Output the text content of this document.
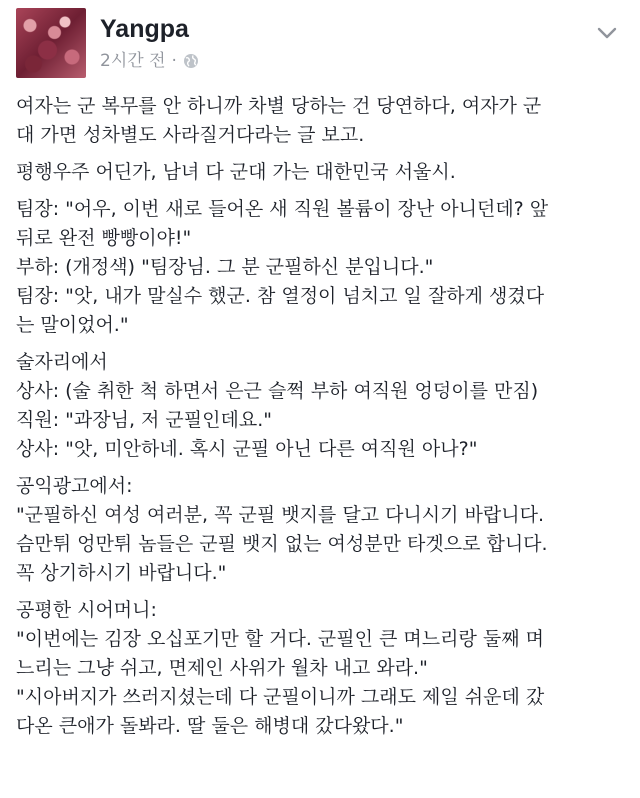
Yangpa
2시간 전 ·

여자는 군 복무를 안 하니까 차별 당하는 건 당연하다, 여자가 군
대 가면 성차별도 사라질거다라는 글 보고.

평행우주 어딘가, 남녀 다 군대 가는 대한민국 서울시.

팀장: "어우, 이번 새로 들어온 새 직원 볼륨이 장난 아니던데? 앞
뒤로 완전 빵빵이야!"
부하: (개정색) "팀장님. 그 분 군필하신 분입니다."
팀장: "앗, 내가 말실수 했군. 참 열정이 넘치고 일 잘하게 생겼다
는 말이었어."

술자리에서
상사: (술 취한 척 하면서 은근 슬쩍 부하 여직원 엉덩이를 만짐)
직원: "과장님, 저 군필인데요."
상사: "앗, 미안하네. 혹시 군필 아닌 다른 여직원 아나?"

공익광고에서:
"군필하신 여성 여러분, 꼭 군필 뱃지를 달고 다니시기 바랍니다.
슴만튀 엉만튀 놈들은 군필 뱃지 없는 여성분만 타겟으로 합니다.
꼭 상기하시기 바랍니다."

공평한 시어머니:
"이번에는 김장 오십포기만 할 거다. 군필인 큰 며느리랑 둘째 며
느리는 그냥 쉬고, 면제인 사위가 월차 내고 와라."
"시아버지가 쓰러지셨는데 다 군필이니까 그래도 제일 쉬운데 갔
다온 큰애가 돌봐라. 딸 둘은 해병대 갔다왔다."
